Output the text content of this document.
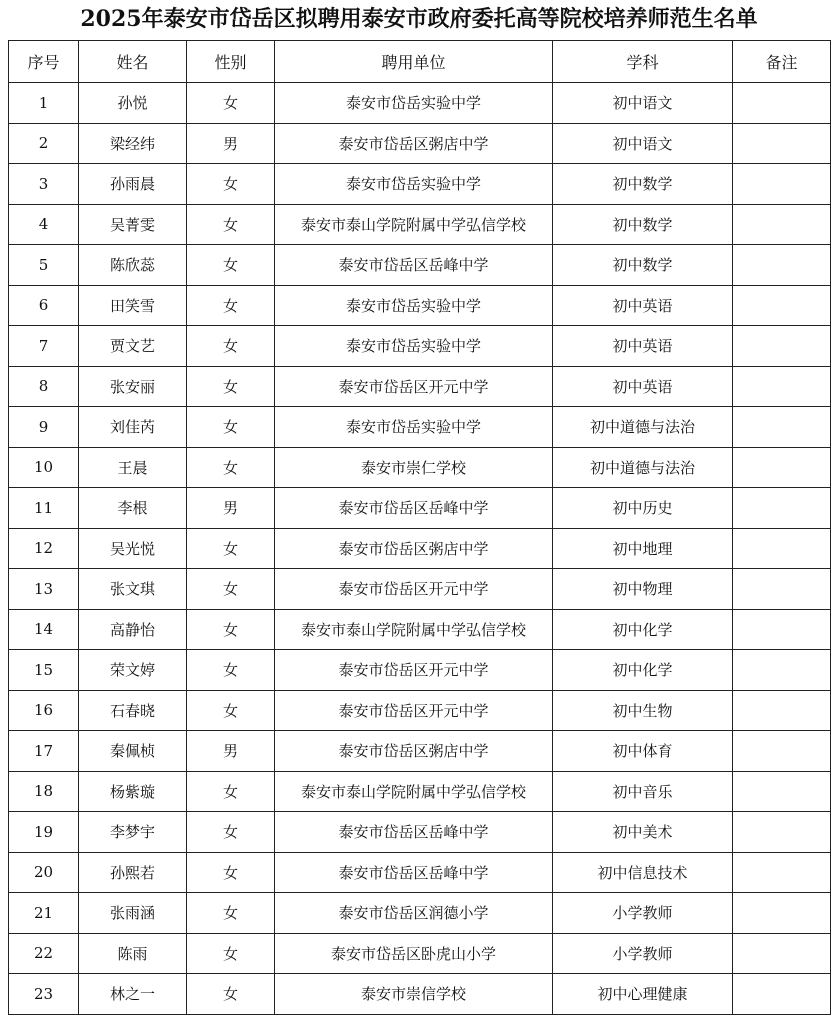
2025年泰安市岱岳区拟聘用泰安市政府委托高等院校培养师范生名单
序号	姓名	性别	聘用单位	学科	备注
1	孙悦	女	泰安市岱岳实验中学	初中语文	
2	梁经纬	男	泰安市岱岳区粥店中学	初中语文	
3	孙雨晨	女	泰安市岱岳实验中学	初中数学	
4	吴菁雯	女	泰安市泰山学院附属中学弘信学校	初中数学	
5	陈欣蕊	女	泰安市岱岳区岳峰中学	初中数学	
6	田笑雪	女	泰安市岱岳实验中学	初中英语	
7	贾文艺	女	泰安市岱岳实验中学	初中英语	
8	张安丽	女	泰安市岱岳区开元中学	初中英语	
9	刘佳芮	女	泰安市岱岳实验中学	初中道德与法治	
10	王晨	女	泰安市崇仁学校	初中道德与法治	
11	李根	男	泰安市岱岳区岳峰中学	初中历史	
12	吴光悦	女	泰安市岱岳区粥店中学	初中地理	
13	张文琪	女	泰安市岱岳区开元中学	初中物理	
14	高静怡	女	泰安市泰山学院附属中学弘信学校	初中化学	
15	荣文婷	女	泰安市岱岳区开元中学	初中化学	
16	石春晓	女	泰安市岱岳区开元中学	初中生物	
17	秦佩桢	男	泰安市岱岳区粥店中学	初中体育	
18	杨紫璇	女	泰安市泰山学院附属中学弘信学校	初中音乐	
19	李梦宇	女	泰安市岱岳区岳峰中学	初中美术	
20	孙熙若	女	泰安市岱岳区岳峰中学	初中信息技术	
21	张雨涵	女	泰安市岱岳区润德小学	小学教师	
22	陈雨	女	泰安市岱岳区卧虎山小学	小学教师	
23	林之一	女	泰安市崇信学校	初中心理健康	
